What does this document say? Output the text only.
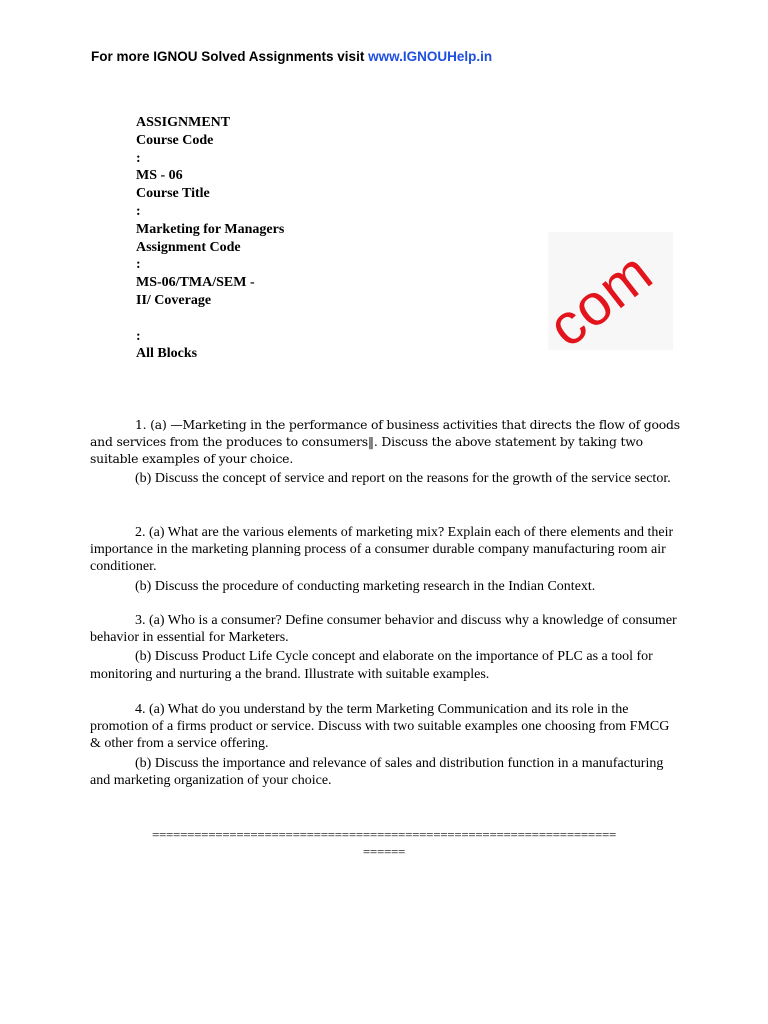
For more IGNOU Solved Assignments visit www.IGNOUHelp.in
ASSIGNMENT
Course Code
:
MS - 06
Course Title
:
Marketing for Managers
Assignment Code
:
MS-06/TMA/SEM -
II/ Coverage
:
All Blocks	com

1. (a) —Marketing in the performance of business activities that directs the flow of goods and services from the produces to consumers‖. Discuss the above statement by taking two suitable examples of your choice.

(b) Discuss the concept of service and report on the reasons for the growth of the service sector.

2. (a) What are the various elements of marketing mix? Explain each of there elements and their importance in the marketing planning process of a consumer durable company manufacturing room air conditioner.

(b) Discuss the procedure of conducting marketing research in the Indian Context.

3. (a) Who is a consumer? Define consumer behavior and discuss why a knowledge of consumer behavior in essential for Marketers.

(b) Discuss Product Life Cycle concept and elaborate on the importance of PLC as a tool for monitoring and nurturing a the brand. Illustrate with suitable examples.

4. (a) What do you understand by the term Marketing Communication and its role in the promotion of a firms product or service. Discuss with two suitable examples one choosing from FMCG & other from a service offering.

(b) Discuss the importance and relevance of sales and distribution function in a manufacturing and marketing organization of your choice.

==================================================================
======
